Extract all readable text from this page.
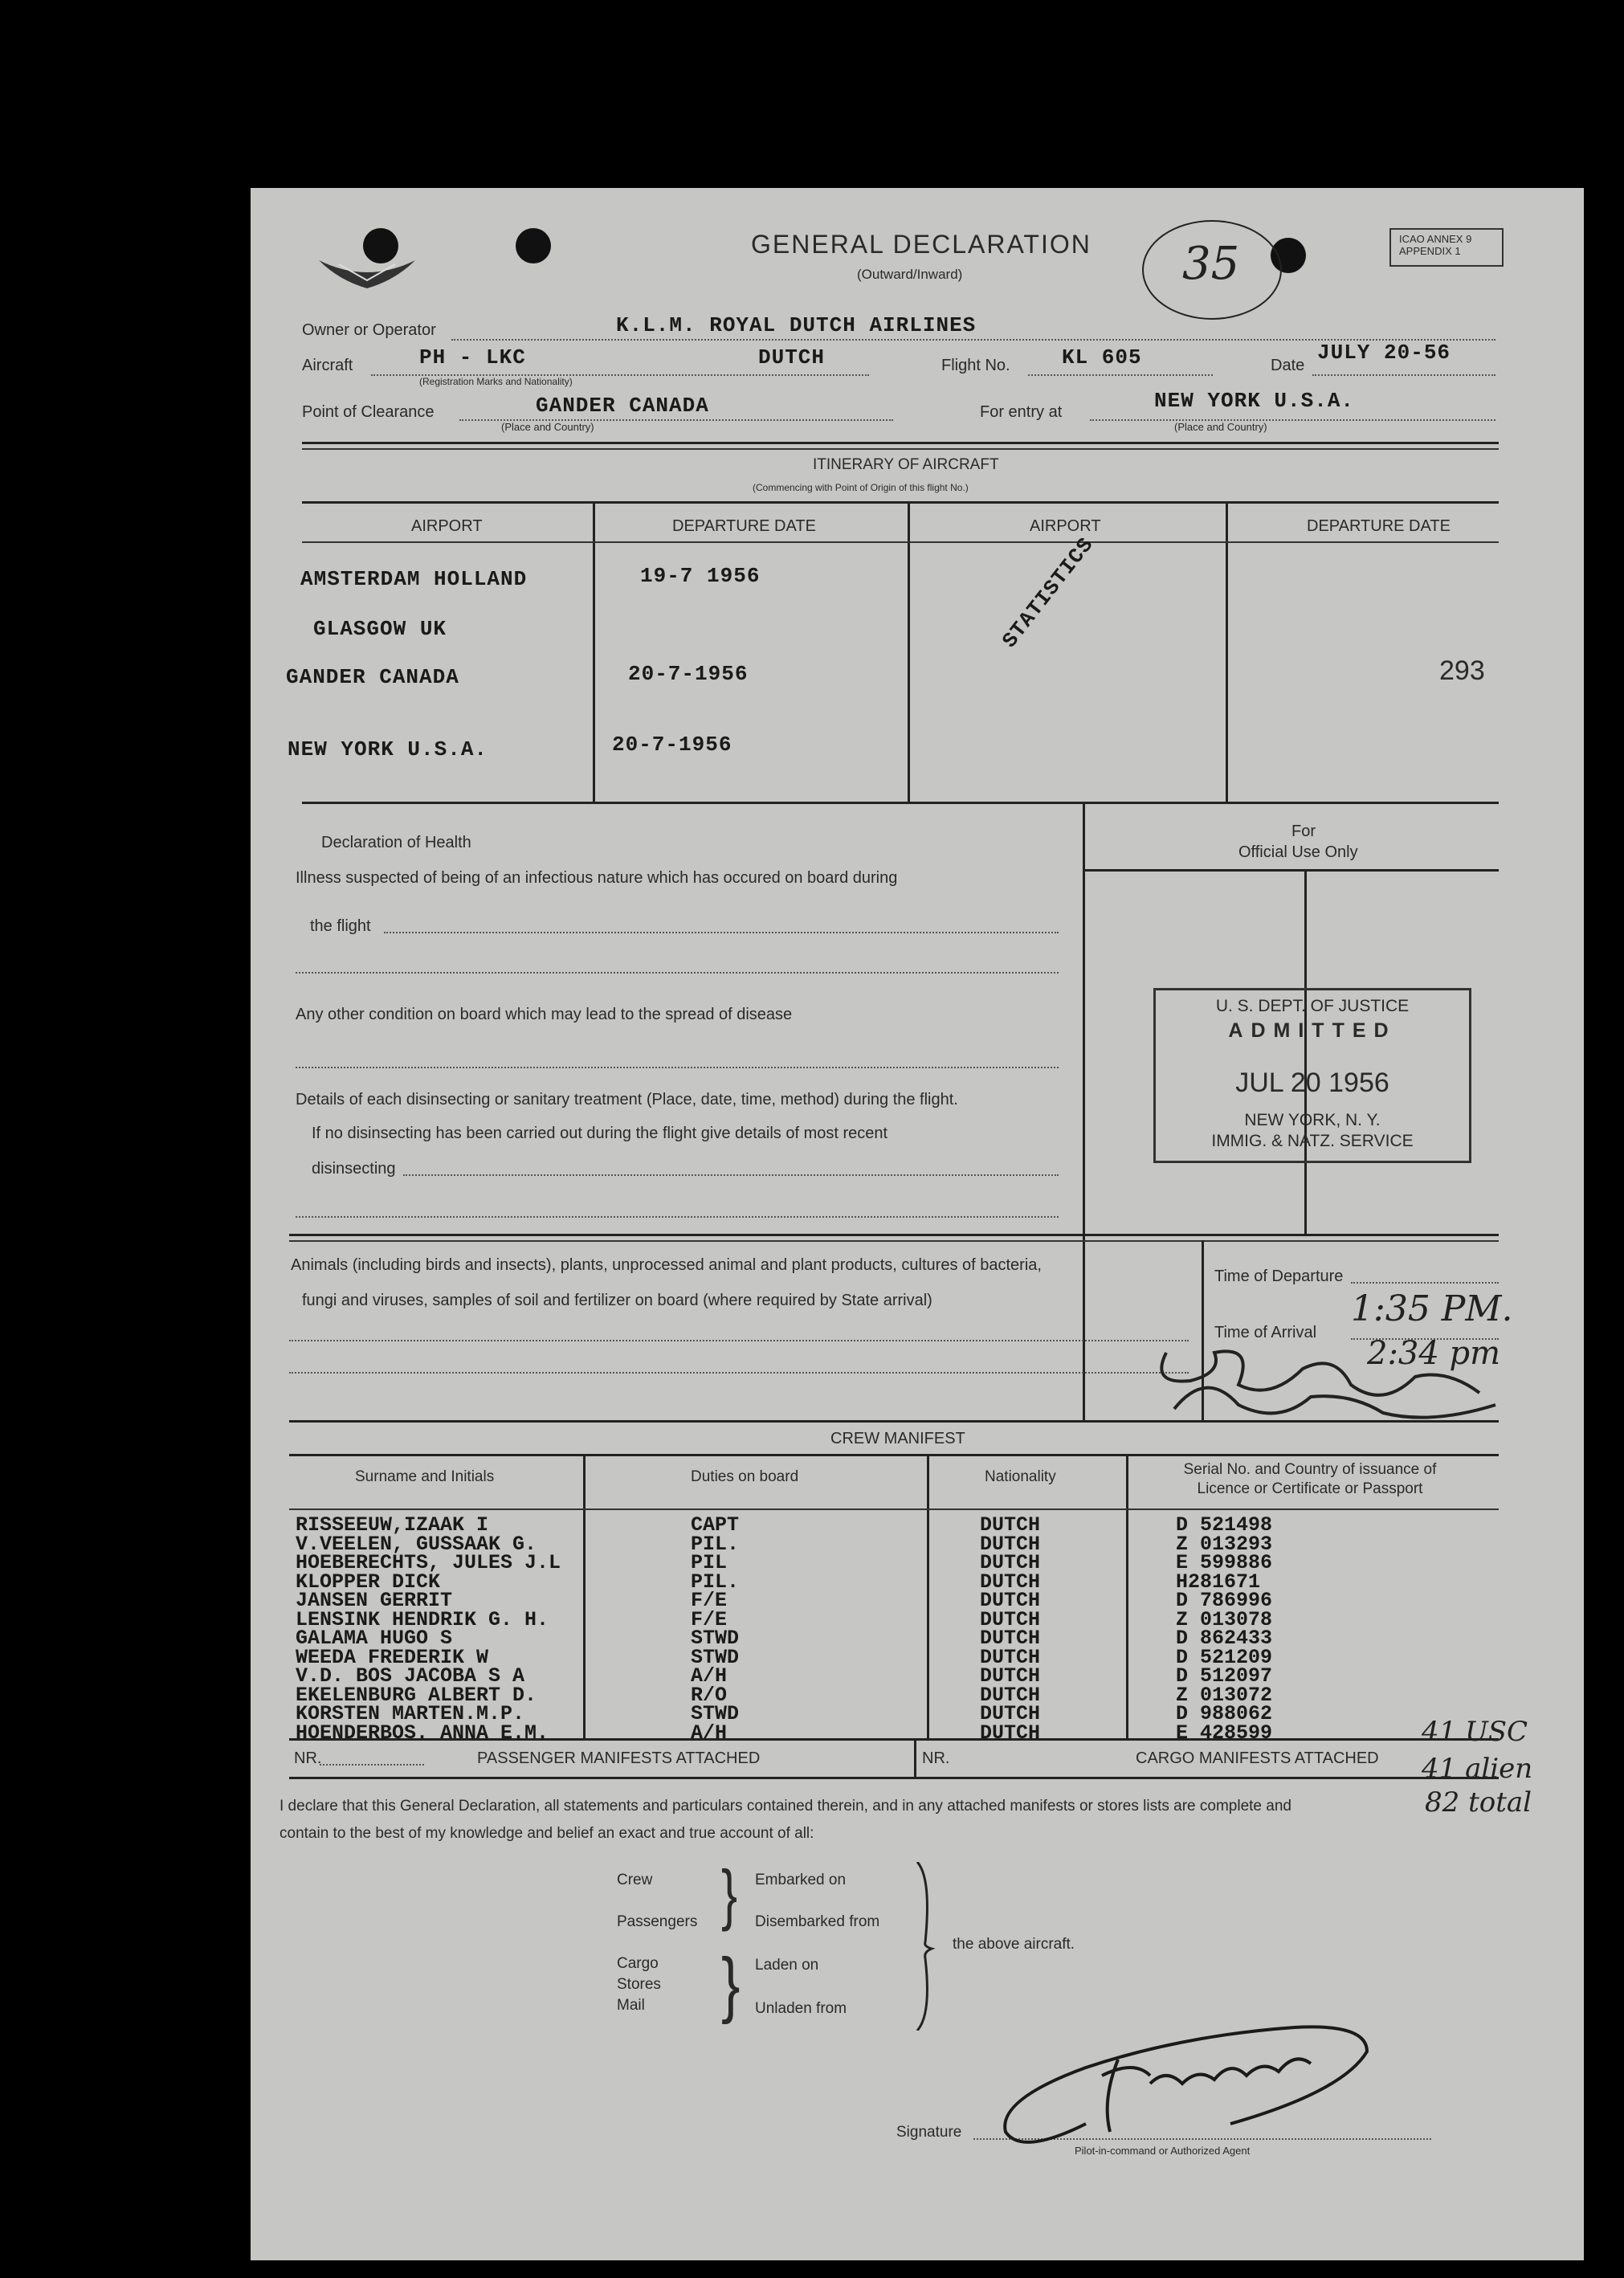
GENERAL DECLARATION
(Outward/Inward)
ICAO ANNEX 9 APPENDIX 1
35
Owner or Operator	K.L.M. ROYAL DUTCH AIRLINES
Aircraft	PH - LKC	DUTCH
(Registration Marks and Nationality)
Flight No. KL 605	Date
JULY 20-56
Point of Clearance	GANDER CANADA
(Place and Country)
For entry at	NEW YORK U.S.A.
(Place and Country)
ITINERARY OF AIRCRAFT
(Commencing with Point of Origin of this flight No.)
AIRPORT	DEPARTURE DATE	AIRPORT	DEPARTURE DATE
AMSTERDAM HOLLAND	19-7 1956
GLASGOW UK
GANDER CANADA	20-7-1956
NEW YORK U.S.A.	20-7-1956
STATISTICS
293
Declaration of Health
Illness suspected of being of an infectious nature which has occured on board during
the flight
Any other condition on board which may lead to the spread of disease
Details of each disinsecting or sanitary treatment (Place, date, time, method) during the flight.
If no disinsecting has been carried out during the flight give details of most recent
disinsecting
For
Official Use Only
U. S. DEPT. OF JUSTICE
ADMITTED
JUL 20 1956
NEW YORK, N. Y.
IMMIG. & NATZ. SERVICE
Animals (including birds and insects), plants, unprocessed animal and plant products, cultures of bacteria,
fungi and viruses, samples of soil and fertilizer on board (where required by State arrival)
Time of Departure
Time of Arrival
1:35 PM.
2:34 pm
CREW MANIFEST
Surname and Initials	Duties on board	Nationality	Serial No. and Country of issuance of Licence or Certificate or Passport
RISSEEUW,IZAAK I	CAPT	DUTCH	D 521498
V.VEELEN, GUSSAAK G.	PIL.	DUTCH	Z 013293
HOEBERECHTS, JULES J.L	PIL	DUTCH	E 599886
KLOPPER DICK	PIL.	DUTCH	H281671
JANSEN GERRIT	F/E	DUTCH	D 786996
LENSINK HENDRIK G. H.	F/E	DUTCH	Z 013078
GALAMA HUGO S	STWD	DUTCH	D 862433
WEEDA FREDERIK W	STWD	DUTCH	D 521209
V.D. BOS JACOBA S A	A/H	DUTCH	D 512097
EKELENBURG ALBERT D.	R/O	DUTCH	Z 013072
KORSTEN MARTEN.M.P.	STWD	DUTCH	D 988062
HOENDERBOS. ANNA E.M.	A/H	DUTCH	E 428599	41 USC
41 alien
82 total
NR.	PASSENGER MANIFESTS ATTACHED	NR.	CARGO MANIFESTS ATTACHED
I declare that this General Declaration, all statements and particulars contained therein, and in any attached manifests or stores lists are complete and
contain to the best of my knowledge and belief an exact and true account of all:
Crew
Passengers
Cargo
Stores
Mail
}
}
Embarked on
Disembarked from
Laden on
Unladen from
the above aircraft.
Signature
Pilot-in-command or Authorized Agent
